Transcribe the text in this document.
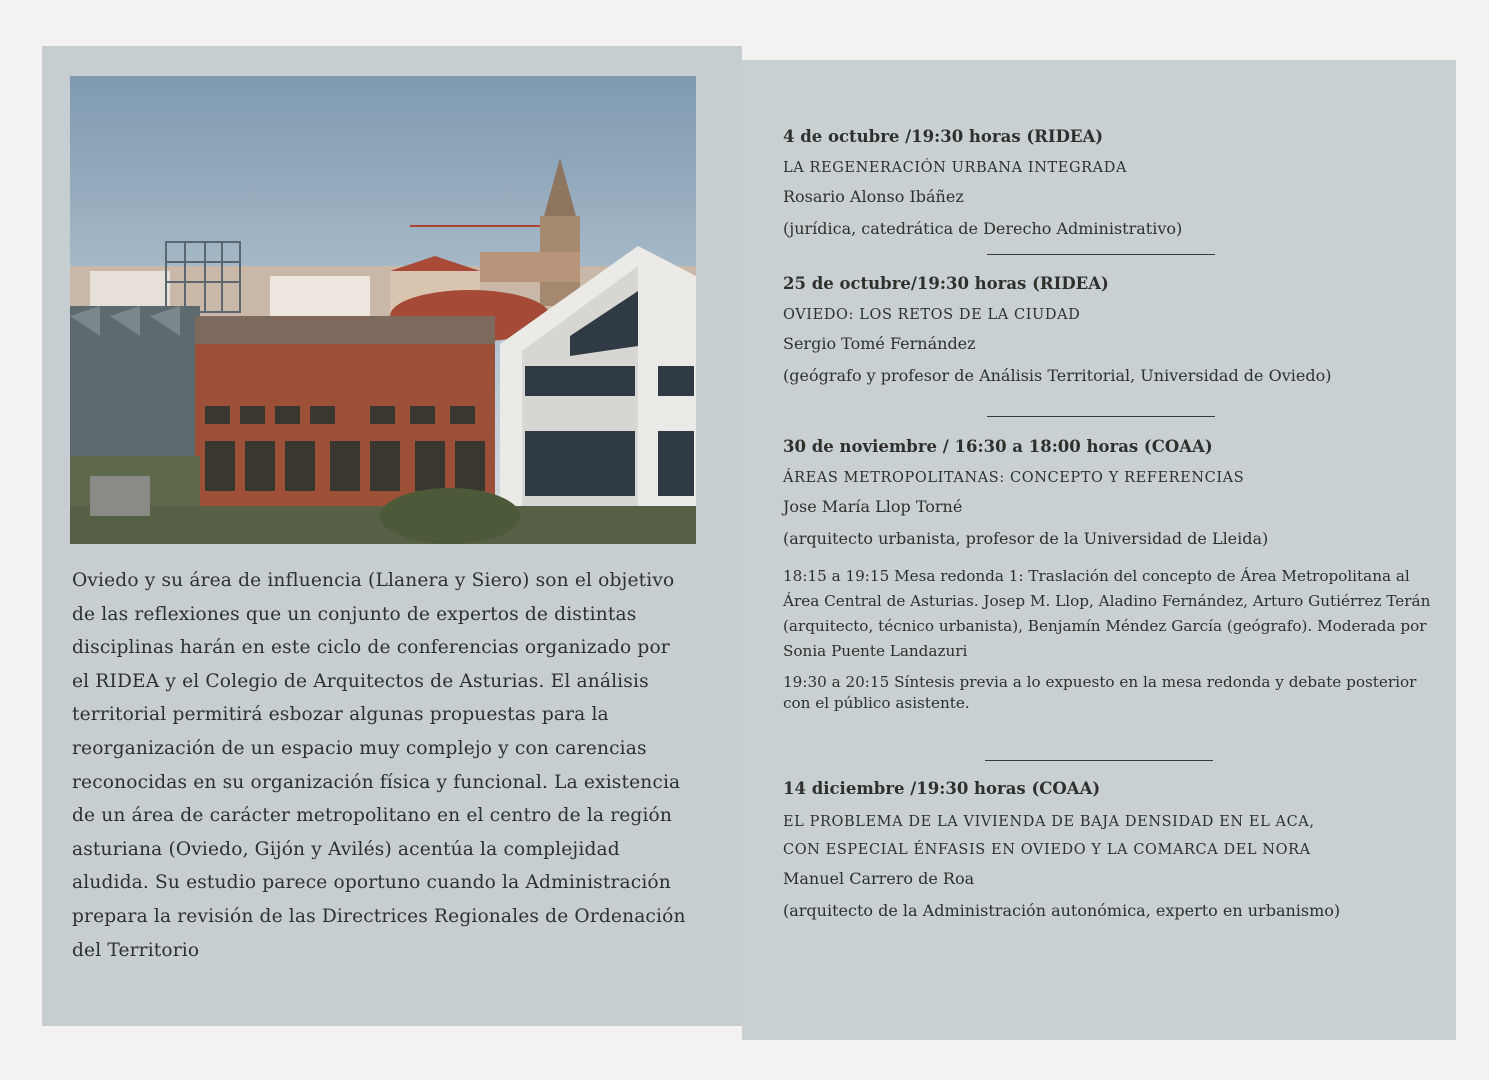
Oviedo y su área de influencia (Llanera y Siero) son el objetivo de las reflexiones que un conjunto de expertos de distintas disciplinas harán en este ciclo de conferencias organizado por el RIDEA y el Colegio de Arquitectos de Asturias. El análisis territorial permitirá esbozar algunas propuestas para la reorganización de un espacio muy complejo y con carencias reconocidas en su organización física y funcional. La existencia de un área de carácter metropolitano en el centro de la región asturiana (Oviedo, Gijón y Avilés) acentúa la complejidad aludida. Su estudio parece oportuno cuando la Administración prepara la revisión de las Directrices Regionales de Ordenación del Territorio

4 de octubre /19:30 horas (RIDEA)

LA REGENERACIÓN URBANA INTEGRADA

Rosario Alonso Ibáñez

(jurídica, catedrática de Derecho Administrativo)

25 de octubre/19:30 horas (RIDEA)

OVIEDO: LOS RETOS DE LA CIUDAD

Sergio Tomé Fernández

(geógrafo y profesor de Análisis Territorial, Universidad de Oviedo)

30 de noviembre / 16:30 a 18:00 horas (COAA)

ÁREAS METROPOLITANAS: CONCEPTO Y REFERENCIAS

Jose María Llop Torné

(arquitecto urbanista, profesor de la Universidad de Lleida)

18:15 a 19:15 Mesa redonda 1: Traslación del concepto de Área Metropolitana al Área Central de Asturias. Josep M. Llop, Aladino Fernández, Arturo Gutiérrez Terán (arquitecto, técnico urbanista), Benjamín Méndez García (geógrafo). Moderada por Sonia Puente Landazuri

19:30 a 20:15 Síntesis previa a lo expuesto en la mesa redonda y debate posterior con el público asistente.

14 diciembre /19:30 horas (COAA)

EL PROBLEMA DE LA VIVIENDA DE BAJA DENSIDAD EN EL ACA,

CON ESPECIAL ÉNFASIS EN OVIEDO Y LA COMARCA DEL NORA

Manuel Carrero de Roa

(arquitecto de la Administración autonómica, experto en urbanismo)
